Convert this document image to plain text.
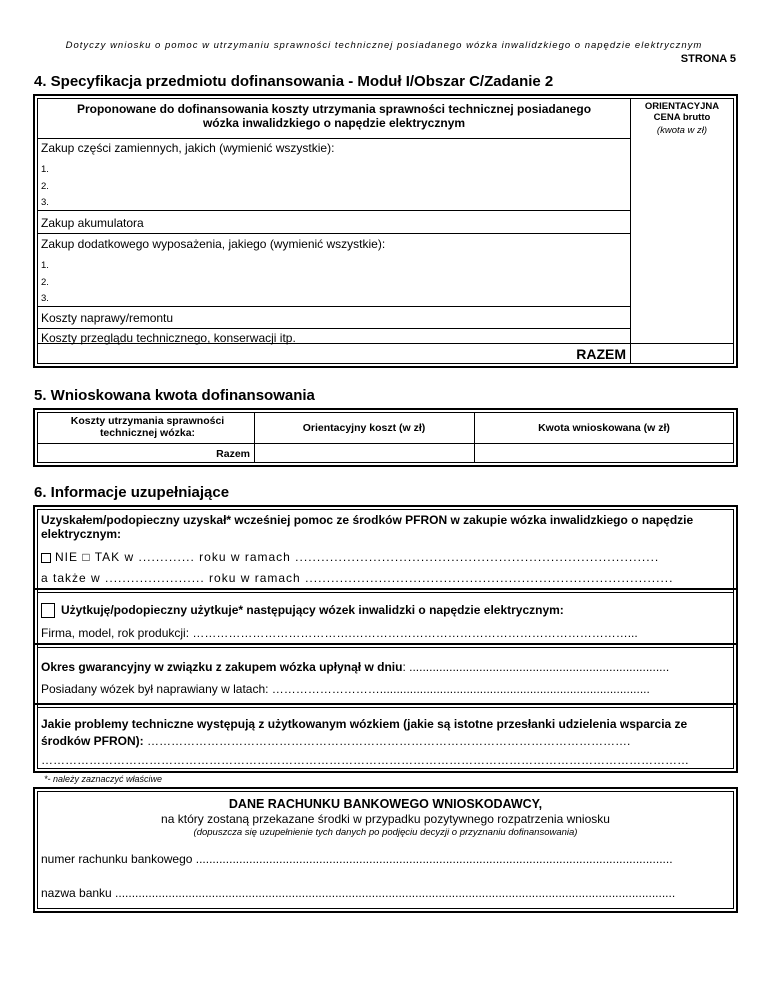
Dotyczy wniosku o pomoc w utrzymaniu sprawności technicznej posiadanego wózka inwalidzkiego o napędzie elektrycznym
STRONA 5
4. Specyfikacja przedmiotu dofinansowania - Moduł I/Obszar C/Zadanie 2
Proponowane do dofinansowania koszty utrzymania sprawności technicznej posiadanego wózka inwalidzkiego o napędzie elektrycznym
ORIENTACYJNA
CENA brutto
(kwota w zł)
Zakup części zamiennych, jakich (wymienić wszystkie):
1.
2.
3.
Zakup akumulatora
Zakup dodatkowego wyposażenia, jakiego (wymienić wszystkie):
1.
2.
3.
Koszty naprawy/remontu
Koszty przeglądu technicznego, konserwacji itp.
RAZEM
5. Wnioskowana kwota dofinansowania
Koszty utrzymania sprawności technicznej wózka:	Orientacyjny koszt (w zł)	Kwota wnioskowana (w zł)
Razem
6. Informacje uzupełniające
Uzyskałem/podopieczny uzyskał* wcześniej pomoc ze środków PFRON w zakupie wózka inwalidzkiego o napędzie elektrycznym:
NIE □ TAK w ............. roku w ramach ....................................................................................
a także w ....................... roku w ramach .....................................................................................
Użytkuję/podopieczny użytkuje* następujący wózek inwalidzki o napędzie elektrycznym:
Firma, model, rok produkcji: ………………………………….……………………………………………………………...
Okres gwarancyjny w związku z zakupem wózka upłynął w dniu: ..............................................................................
Posiadany wózek był naprawiany w latach: ……………………….................................................................................
Jakie problemy techniczne występują z użytkowanym wózkiem (jakie są istotne przesłanki udzielenia wsparcia ze środków PFRON): ………………………………………………………………………………………………………….
………………………………………………………………………………………………………………………………………………
*- należy zaznaczyć właściwe
DANE RACHUNKU BANKOWEGO WNIOSKODAWCY,
na który zostaną przekazane środki w przypadku pozytywnego rozpatrzenia wniosku
(dopuszcza się uzupełnienie tych danych po podjęciu decyzji o przyznaniu dofinansowania)
numer rachunku bankowego ...............................................................................................................................................
nazwa banku ........................................................................................................................................................................
